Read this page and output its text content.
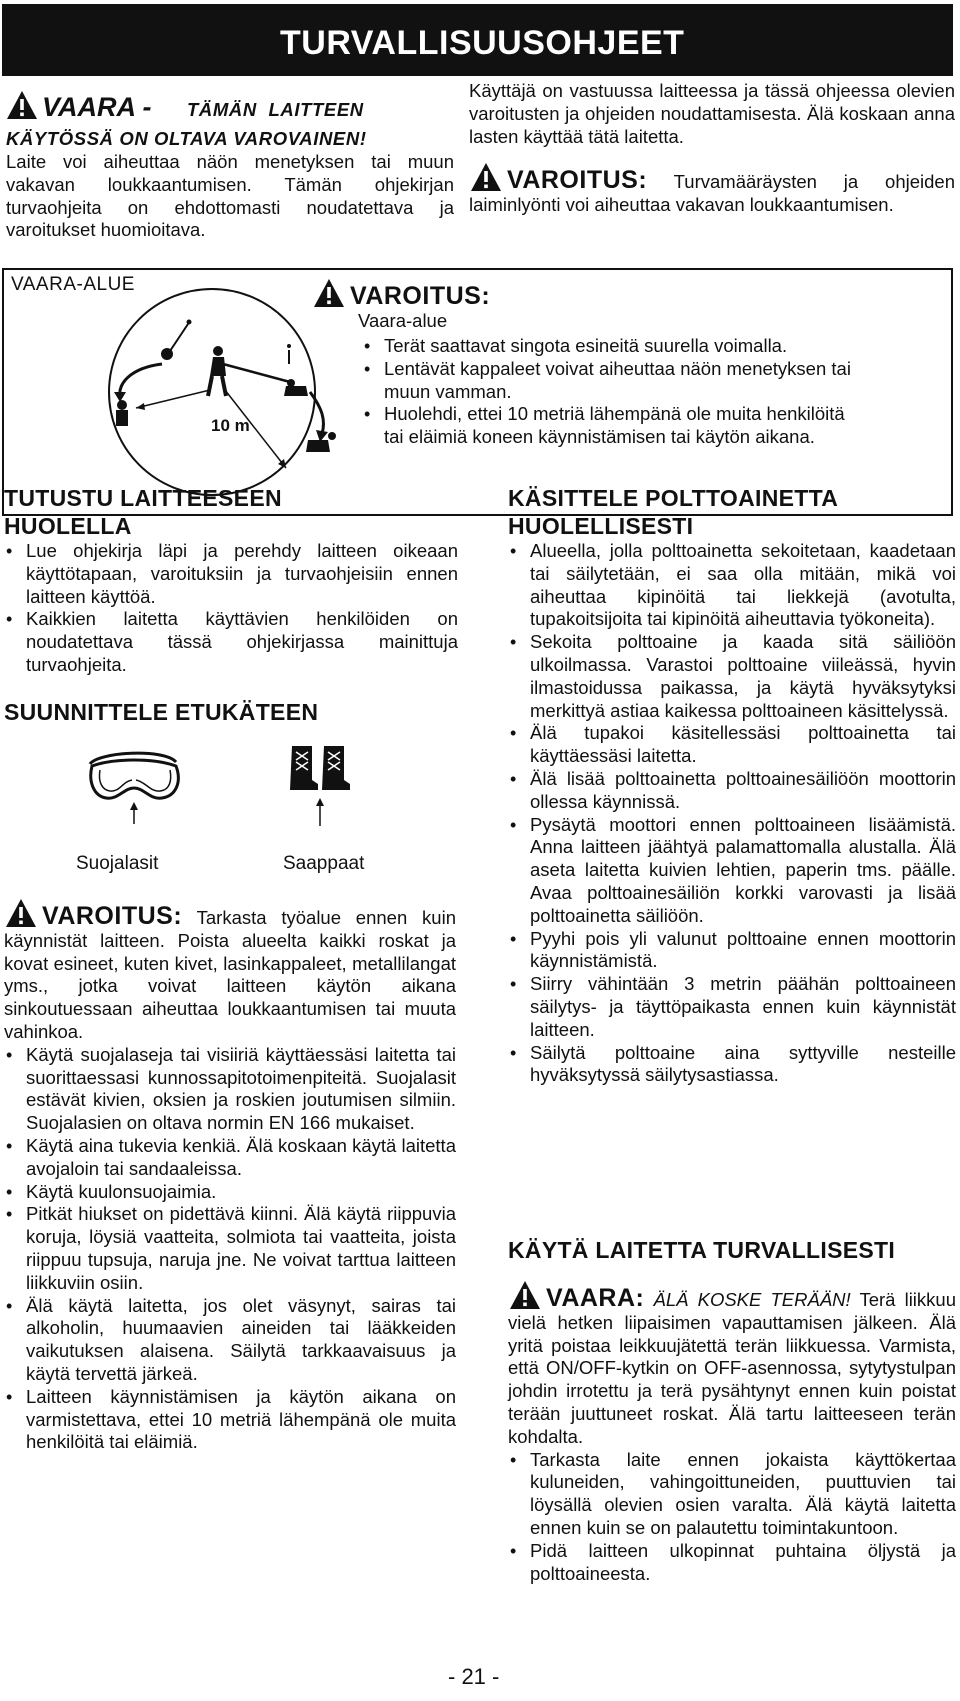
TURVALLISUUSOHJEET
VAARA - TÄMÄN LAITTEEN
KÄYTÖSSÄ ON OLTAVA VAROVAINEN!
Laite voi aiheuttaa näön menetyksen tai muun vakavan loukkaantumisen. Tämän ohjekirjan turvaohjeita on ehdottomasti noudatettava ja varoitukset huomioitava.
Käyttäjä on vastuussa laitteessa ja tässä ohjeessa olevien varoitusten ja ohjeiden noudattamisesta. Älä koskaan anna lasten käyttää tätä laitetta.
VAROITUS: Turvamääräysten ja ohjeiden laiminlyönti voi aiheuttaa vakavan loukkaantumisen.
VAARA-ALUE
10 m
VAROITUS:
Vaara-alue
• Terät saattavat singota esineitä suurella voimalla.
• Lentävät kappaleet voivat aiheuttaa näön menetyksen tai muun vamman.
• Huolehdi, ettei 10 metriä lähempänä ole muita henkilöitä tai eläimiä koneen käynnistämisen tai käytön aikana.
TUTUSTU LAITTEESEEN HUOLELLA
• Lue ohjekirja läpi ja perehdy laitteen oikeaan käyttötapaan, varoituksiin ja turvaohjeisiin ennen laitteen käyttöä.
• Kaikkien laitetta käyttävien henkilöiden on noudatettava tässä ohjekirjassa mainittuja turvaohjeita.
SUUNNITTELE ETUKÄTEEN
Suojalasit	Saappaat
VAROITUS: Tarkasta työalue ennen kuin käynnistät laitteen. Poista alueelta kaikki roskat ja kovat esineet, kuten kivet, lasinkappaleet, metallilangat yms., jotka voivat laitteen käytön aikana sinkoutuessaan aiheuttaa loukkaantumisen tai muuta vahinkoa.
• Käytä suojalaseja tai visiiriä käyttäessäsi laitetta tai suorittaessasi kunnossapitotoimenpiteitä. Suojalasit estävät kivien, oksien ja roskien joutumisen silmiin. Suojalasien on oltava normin EN 166 mukaiset.
• Käytä aina tukevia kenkiä. Älä koskaan käytä laitetta avojaloin tai sandaaleissa.
• Käytä kuulonsuojaimia.
• Pitkät hiukset on pidettävä kiinni. Älä käytä riippuvia koruja, löysiä vaatteita, solmiota tai vaatteita, joista riippuu tupsuja, naruja jne. Ne voivat tarttua laitteen liikkuviin osiin.
• Älä käytä laitetta, jos olet väsynyt, sairas tai alkoholin, huumaavien aineiden tai lääkkeiden vaikutuksen alaisena. Säilytä tarkkaavaisuus ja käytä tervettä järkeä.
• Laitteen käynnistämisen ja käytön aikana on varmistettava, ettei 10 metriä lähempänä ole muita henkilöitä tai eläimiä.
KÄSITTELE POLTTOAINETTA HUOLELLISESTI
• Alueella, jolla polttoainetta sekoitetaan, kaadetaan tai säilytetään, ei saa olla mitään, mikä voi aiheuttaa kipinöitä tai liekkejä (avotulta, tupakoitsijoita tai kipinöitä aiheuttavia työkoneita).
• Sekoita polttoaine ja kaada sitä säiliöön ulkoilmassa. Varastoi polttoaine viileässä, hyvin ilmastoidussa paikassa, ja käytä hyväksytyksi merkittyä astiaa kaikessa polttoaineen käsittelyssä.
• Älä tupakoi käsitellessäsi polttoainetta tai käyttäessäsi laitetta.
• Älä lisää polttoainetta polttoainesäiliöön moottorin ollessa käynnissä.
• Pysäytä moottori ennen polttoaineen lisäämistä. Anna laitteen jäähtyä palamattomalla alustalla. Älä aseta laitetta kuivien lehtien, paperin tms. päälle. Avaa polttoainesäiliön korkki varovasti ja lisää polttoainetta säiliöön.
• Pyyhi pois yli valunut polttoaine ennen moottorin käynnistämistä.
• Siirry vähintään 3 metrin päähän polttoaineen säilytys- ja täyttöpaikasta ennen kuin käynnistät laitteen.
• Säilytä polttoaine aina syttyville nesteille hyväksytyssä säilytysastiassa.
KÄYTÄ LAITETTA TURVALLISESTI
VAARA: ÄLÄ KOSKE TERÄÄN! Terä liikkuu vielä hetken liipaisimen vapauttamisen jälkeen. Älä yritä poistaa leikkuujätettä terän liikkuessa. Varmista, että ON/OFF-kytkin on OFF-asennossa, sytytystulpan johdin irrotettu ja terä pysähtynyt ennen kuin poistat terään juuttuneet roskat. Älä tartu laitteeseen terän kohdalta.
• Tarkasta laite ennen jokaista käyttökertaa kuluneiden, vahingoittuneiden, puuttuvien tai löysällä olevien osien varalta. Älä käytä laitetta ennen kuin se on palautettu toimintakuntoon.
• Pidä laitteen ulkopinnat puhtaina öljystä ja polttoaineesta.
- 21 -
